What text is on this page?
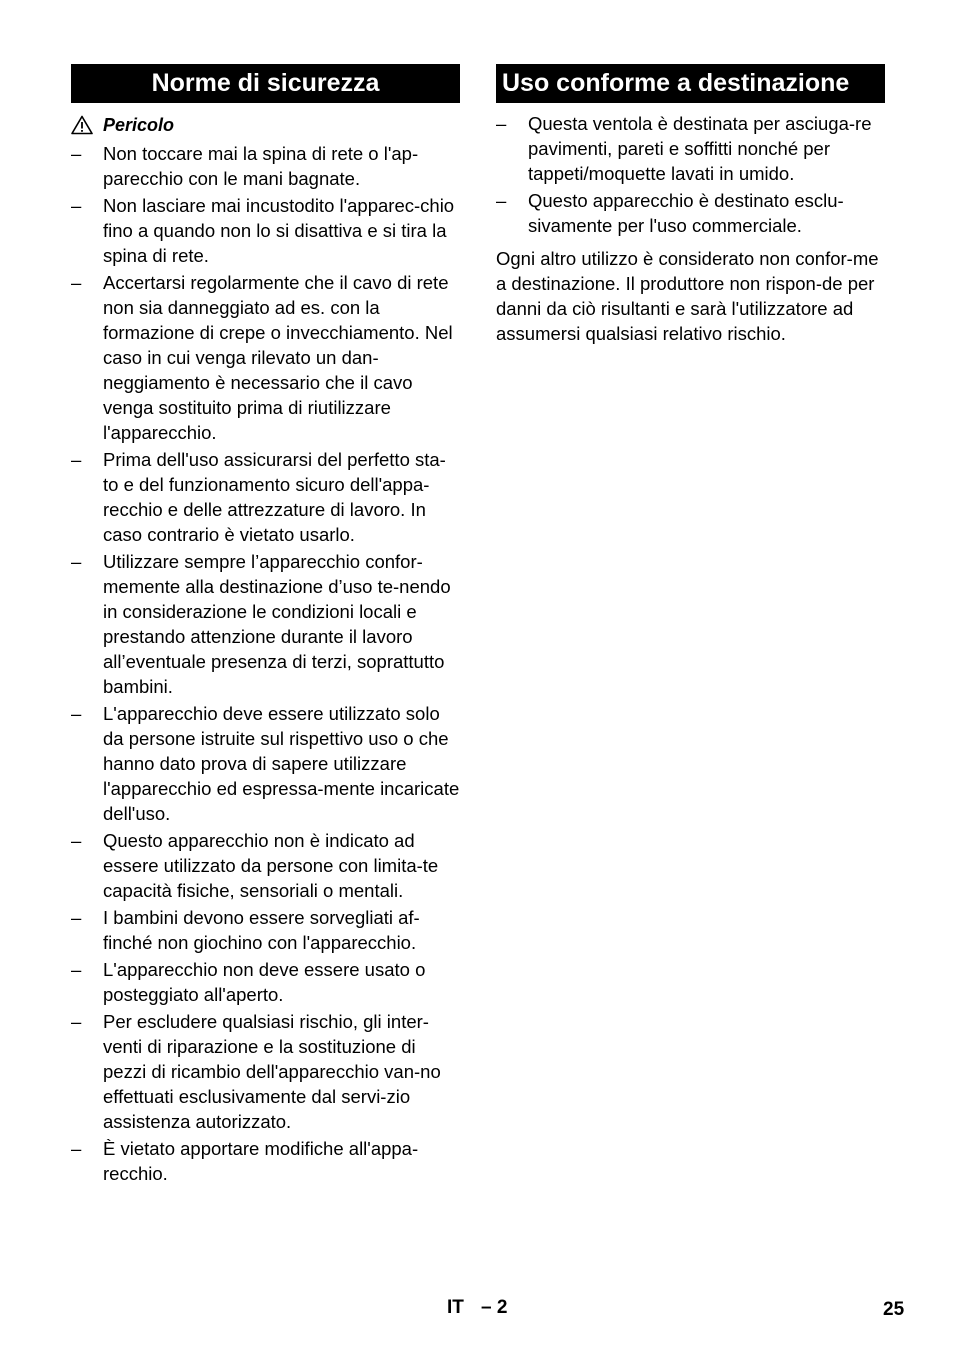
Norme di sicurezza
Pericolo
– Non toccare mai la spina di rete o l'ap-parecchio con le mani bagnate.
– Non lasciare mai incustodito l'apparec-chio fino a quando non lo si disattiva e si tira la spina di rete.
– Accertarsi regolarmente che il cavo di rete non sia danneggiato ad es. con la formazione di crepe o invecchiamento. Nel caso in cui venga rilevato un dan-neggiamento è necessario che il cavo venga sostituito prima di riutilizzare l'apparecchio.
– Prima dell'uso assicurarsi del perfetto sta-to e del funzionamento sicuro dell'appa-recchio e delle attrezzature di lavoro. In caso contrario è vietato usarlo.
– Utilizzare sempre l’apparecchio confor-memente alla destinazione d’uso te-nendo in considerazione le condizioni locali e prestando attenzione durante il lavoro all’eventuale presenza di terzi, soprattutto bambini.
– L'apparecchio deve essere utilizzato solo da persone istruite sul rispettivo uso o che hanno dato prova di sapere utilizzare l'apparecchio ed espressa-mente incaricate dell'uso.
– Questo apparecchio non è indicato ad essere utilizzato da persone con limita-te capacità fisiche, sensoriali o mentali.
– I bambini devono essere sorvegliati af-finché non giochino con l'apparecchio.
– L'apparecchio non deve essere usato o posteggiato all'aperto.
– Per escludere qualsiasi rischio, gli inter-venti di riparazione e la sostituzione di pezzi di ricambio dell'apparecchio van-no effettuati esclusivamente dal servi-zio assistenza autorizzato.
– È vietato apportare modifiche all'appa-recchio.
Uso conforme a destinazione
– Questa ventola è destinata per asciuga-re pavimenti, pareti e soffitti nonché per tappeti/moquette lavati in umido.
– Questo apparecchio è destinato esclu-sivamente per l'uso commerciale.

Ogni altro utilizzo è considerato non confor-me a destinazione. Il produttore non rispon-de per danni da ciò risultanti e sarà l'utilizzatore ad assumersi qualsiasi relativo rischio.

IT – 2	25
